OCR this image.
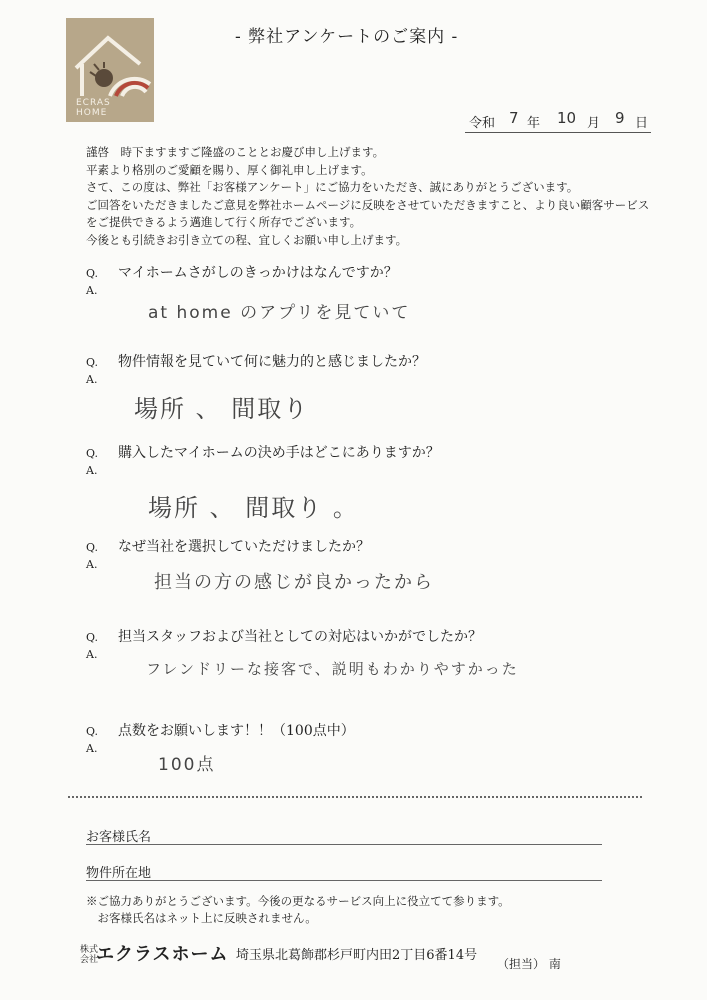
ECRAS
HOME
- 弊社アンケートのご案内 -
令和 7 年 10 月 9 日
謹啓　時下ますますご隆盛のこととお慶び申し上げます。
平素より格別のご愛顧を賜り、厚く御礼申し上げます。
さて、この度は、弊社「お客様アンケート」にご協力をいただき、誠にありがとうございます。
ご回答をいただきましたご意見を弊社ホームページに反映をさせていただきますこと、より良い顧客サービス
をご提供できるよう邁進して行く所存でございます。
今後とも引続きお引き立ての程、宜しくお願い申し上げます。
Q. マイホームさがしのきっかけはなんですか？
A.
at home のアプリを見ていて
Q. 物件情報を見ていて何に魅力的と感じましたか？
A.
場所 、 間取り
Q. 購入したマイホームの決め手はどこにありますか？
A.
場所 、 間取り 。
Q. なぜ当社を選択していただけましたか？
A.
担当の方の感じが良かったから
Q. 担当スタッフおよび当社としての対応はいかがでしたか？
A.
フレンドリーな接客で、説明もわかりやすかった
Q. 点数をお願いします！！（100点中）
A.
100点
お客様氏名
物件所在地
※ご協力ありがとうございます。今後の更なるサービス向上に役立てて参ります。
　お客様氏名はネット上に反映されません。
株式会社
エクラスホーム 埼玉県北葛飾郡杉戸町内田2丁目6番14号
（担当） 南
